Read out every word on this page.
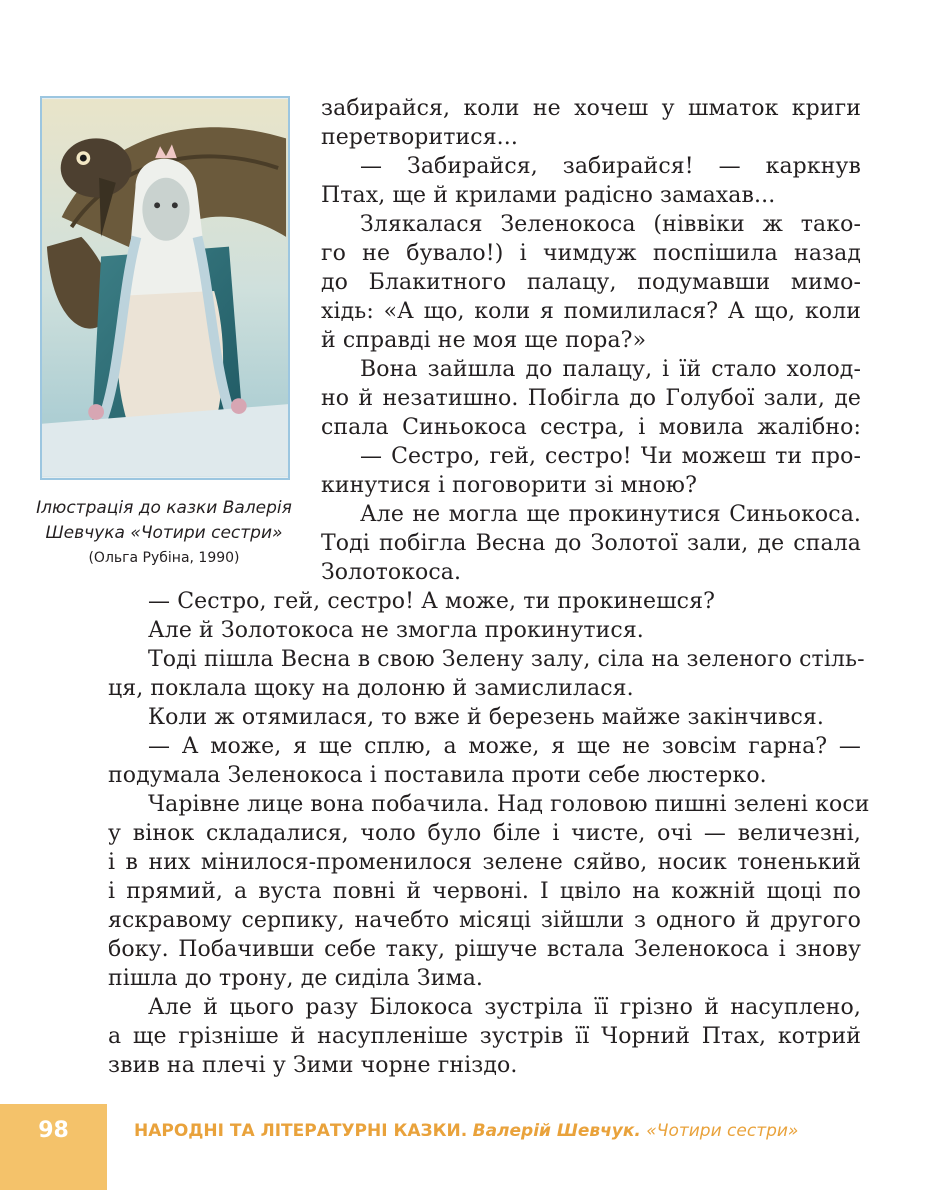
Ілюстрація до казки Валерія Шевчука «Чотири сестри» (Ольга Рубіна, 1990)
забирайся, коли не хочеш у шматок криги
перетворитися...
— Забирайся, забирайся! — каркнув
Птах, ще й крилами радісно замахав...
Злякалася Зеленокоса (ніввіки ж тако-
го не бувало!) і чимдуж поспішила назад
до Блакитного палацу, подумавши мимо-
хідь: «А що, коли я помилилася? А що, коли
й справді не моя ще пора?»
Вона зайшла до палацу, і їй стало холод-
но й незатишно. Побігла до Голубої зали, де
спала Синьокоса сестра, і мовила жалібно:
— Сестро, гей, сестро! Чи можеш ти про-
кинутися і поговорити зі мною?
Але не могла ще прокинутися Синьокоса.
Тоді побігла Весна до Золотої зали, де спала
Золотокоса.
— Сестро, гей, сестро! А може, ти прокинешся?
Але й Золотокоса не змогла прокинутися.
Тоді пішла Весна в свою Зелену залу, сіла на зеленого стіль-
ця, поклала щоку на долоню й замислилася.
Коли ж отямилася, то вже й березень майже закінчився.
— А може, я ще сплю, а може, я ще не зовсім гарна? —
подумала Зеленокоса і поставила проти себе люстерко.
Чарівне лице вона побачила. Над головою пишні зелені коси
у вінок складалися, чоло було біле і чисте, очі — величезні,
і в них мінилося-променилося зелене сяйво, носик тоненький
і прямий, а вуста повні й червоні. І цвіло на кожній щоці по
яскравому серпику, начебто місяці зійшли з одного й другого
боку. Побачивши себе таку, рішуче встала Зеленокоса і знову
пішла до трону, де сиділа Зима.
Але й цього разу Білокоса зустріла її грізно й насуплено,
а ще грізніше й насупленіше зустрів її Чорний Птах, котрий
звив на плечі у Зими чорне гніздо.
98	НАРОДНІ ТА ЛІТЕРАТУРНІ КАЗКИ. Валерій Шевчук. «Чотири сестри»
